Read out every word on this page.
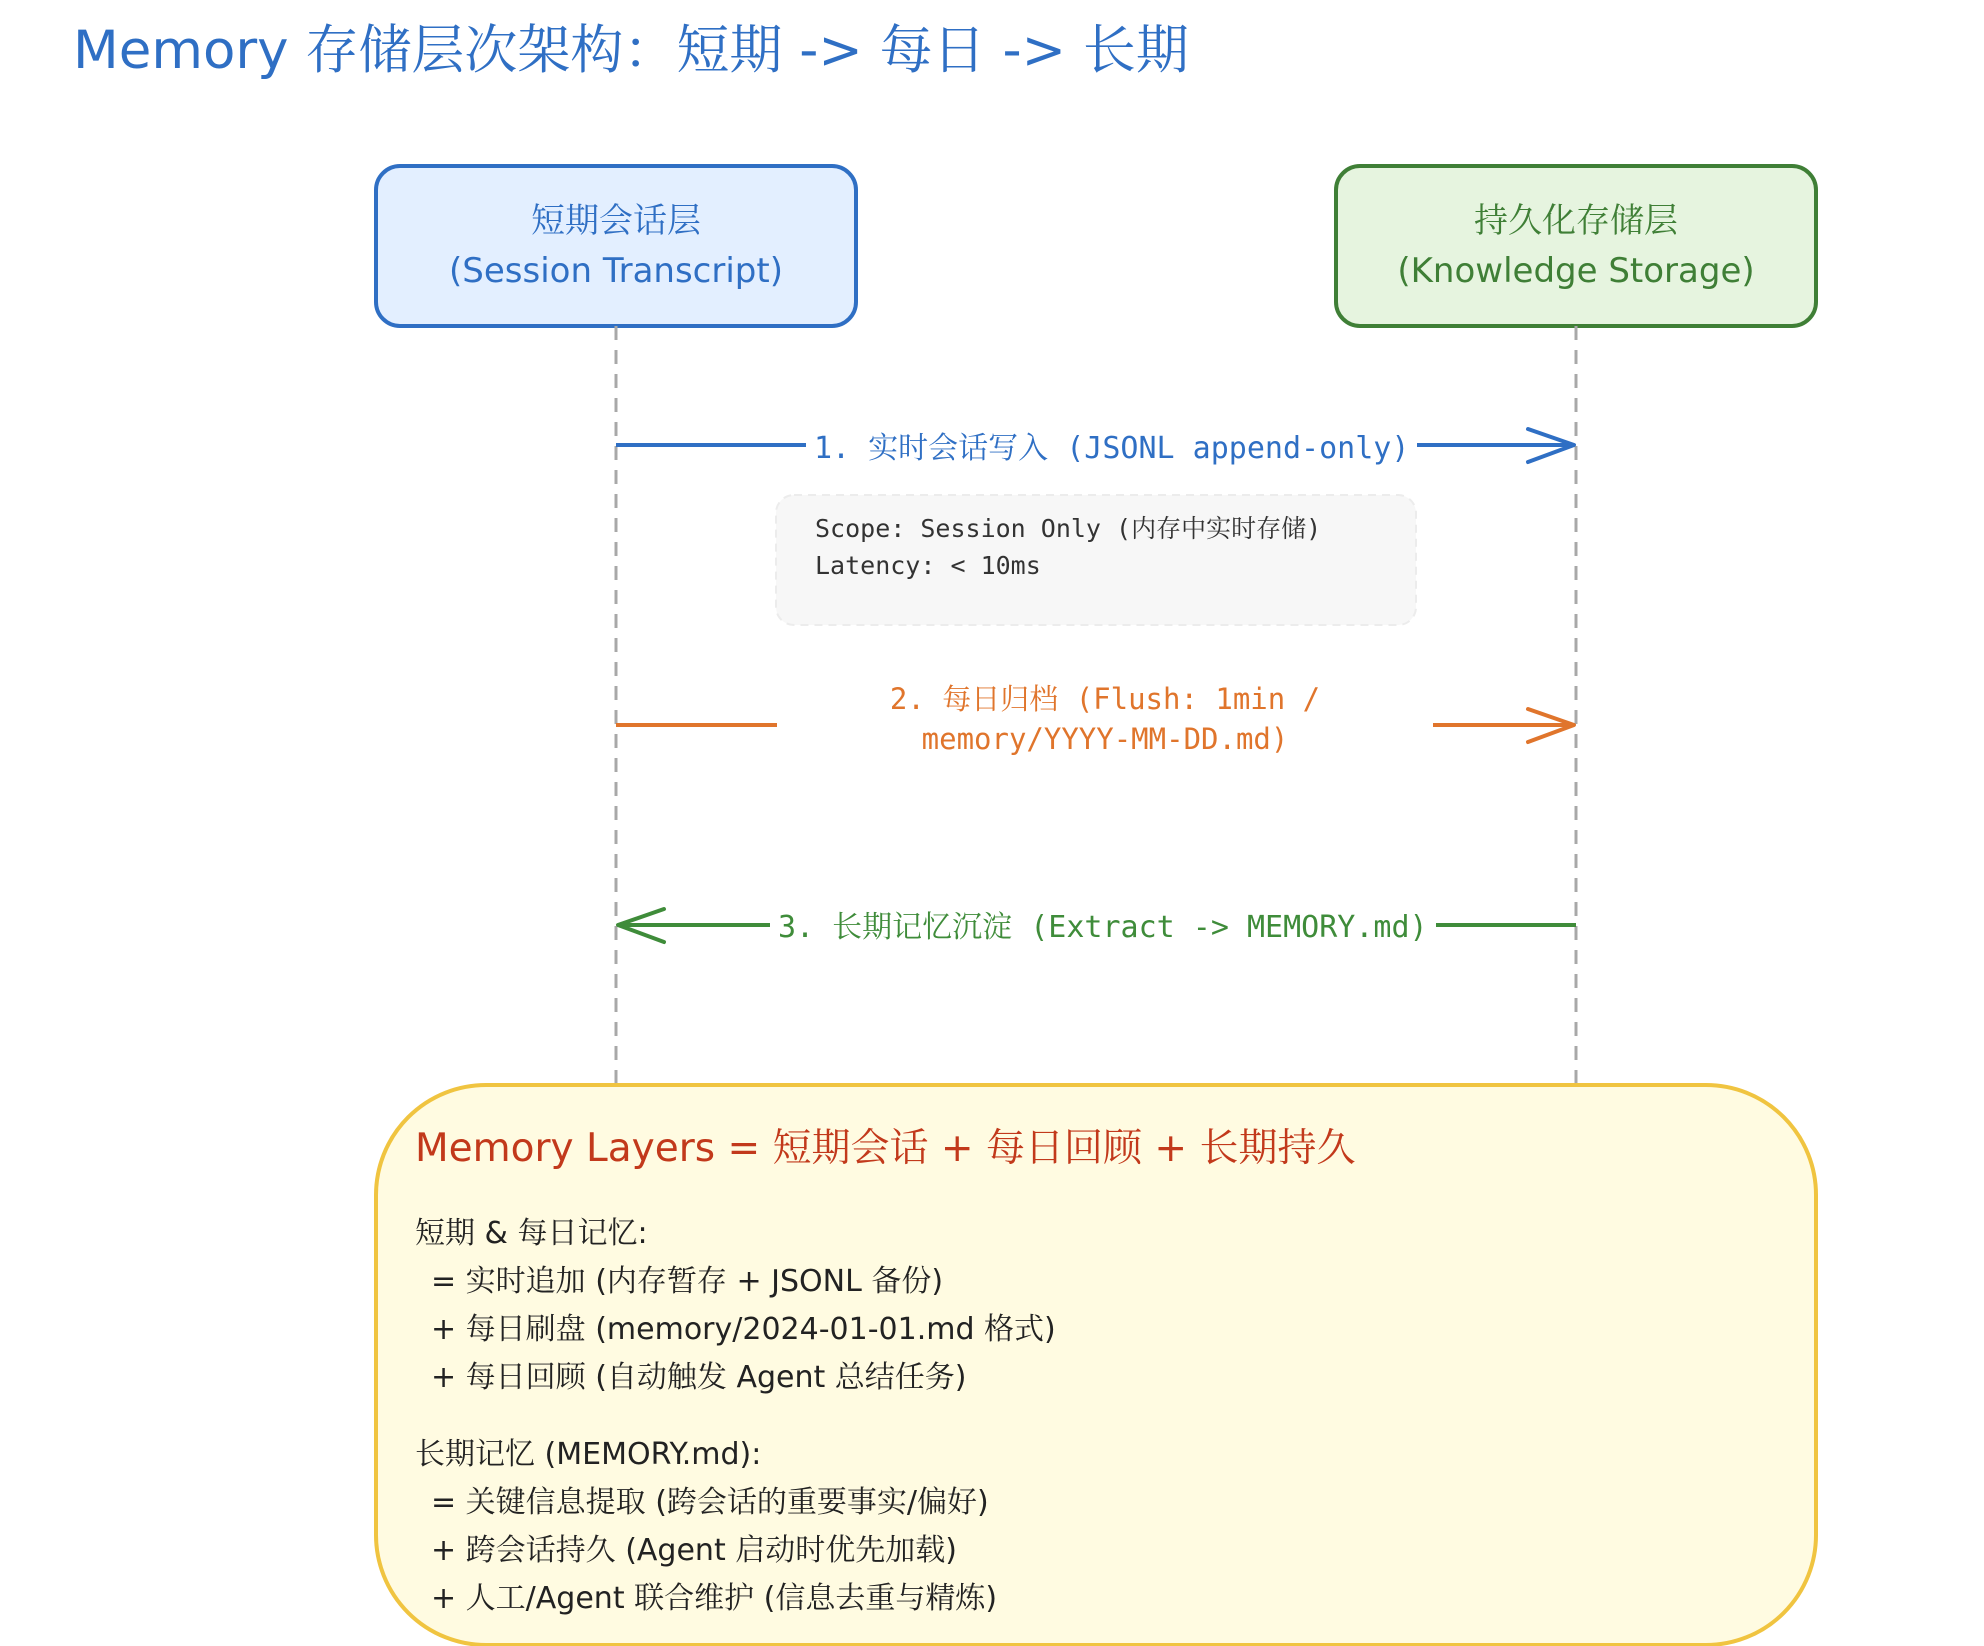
Memory 存储层次架构：短期 -> 每日 -> 长期
短期会话层
(Session Transcript)
持久化存储层
(Knowledge Storage)
1. 实时会话写入 (JSONL append-only)
2. 每日归档 (Flush: 1min / memory/YYYY-MM-DD.md)
3. 长期记忆沉淀 (Extract -> MEMORY.md)
Scope: Session Only (内存中实时存储)
Latency: < 10ms
Memory Layers = 短期会话 + 每日回顾 + 长期持久
短期 & 每日记忆:
= 实时追加 (内存暂存 + JSONL 备份)
+ 每日刷盘 (memory/2024-01-01.md 格式)
+ 每日回顾 (自动触发 Agent 总结任务)
长期记忆 (MEMORY.md):
= 关键信息提取 (跨会话的重要事实/偏好)
+ 跨会话持久 (Agent 启动时优先加载)
+ 人工/Agent 联合维护 (信息去重与精炼)
